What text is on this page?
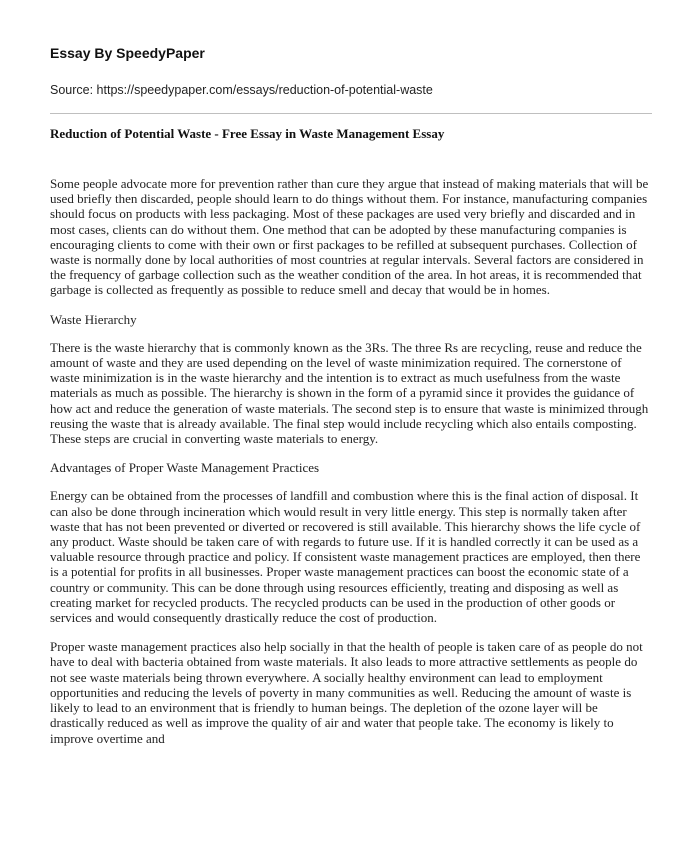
Essay By SpeedyPaper
Source: https://speedypaper.com/essays/reduction-of-potential-waste
Reduction of Potential Waste - Free Essay in Waste Management Essay

Some people advocate more for prevention rather than cure they argue that instead of making materials that will be used briefly then discarded, people should learn to do things without them. For instance, manufacturing companies should focus on products with less packaging. Most of these packages are used very briefly and discarded and in most cases, clients can do without them. One method that can be adopted by these manufacturing companies is encouraging clients to come with their own or first packages to be refilled at subsequent purchases. Collection of waste is normally done by local authorities of most countries at regular intervals. Several factors are considered in the frequency of garbage collection such as the weather condition of the area. In hot areas, it is recommended that garbage is collected as frequently as possible to reduce smell and decay that would be in homes.

Waste Hierarchy

There is the waste hierarchy that is commonly known as the 3Rs. The three Rs are recycling, reuse and reduce the amount of waste and they are used depending on the level of waste minimization required. The cornerstone of waste minimization is in the waste hierarchy and the intention is to extract as much usefulness from the waste materials as much as possible. The hierarchy is shown in the form of a pyramid since it provides the guidance of how act and reduce the generation of waste materials. The second step is to ensure that waste is minimized through reusing the waste that is already available. The final step would include recycling which also entails composting. These steps are crucial in converting waste materials to energy.

Advantages of Proper Waste Management Practices

Energy can be obtained from the processes of landfill and combustion where this is the final action of disposal. It can also be done through incineration which would result in very little energy. This step is normally taken after waste that has not been prevented or diverted or recovered is still available. This hierarchy shows the life cycle of any product. Waste should be taken care of with regards to future use. If it is handled correctly it can be used as a valuable resource through practice and policy. If consistent waste management practices are employed, then there is a potential for profits in all businesses. Proper waste management practices can boost the economic state of a country or community. This can be done through using resources efficiently, treating and disposing as well as creating market for recycled products. The recycled products can be used in the production of other goods or services and would consequently drastically reduce the cost of production.

Proper waste management practices also help socially in that the health of people is taken care of as people do not have to deal with bacteria obtained from waste materials. It also leads to more attractive settlements as people do not see waste materials being thrown everywhere. A socially healthy environment can lead to employment opportunities and reducing the levels of poverty in many communities as well. Reducing the amount of waste is likely to lead to an environment that is friendly to human beings. The depletion of the ozone layer will be drastically reduced as well as improve the quality of air and water that people take. The economy is likely to improve overtime and
